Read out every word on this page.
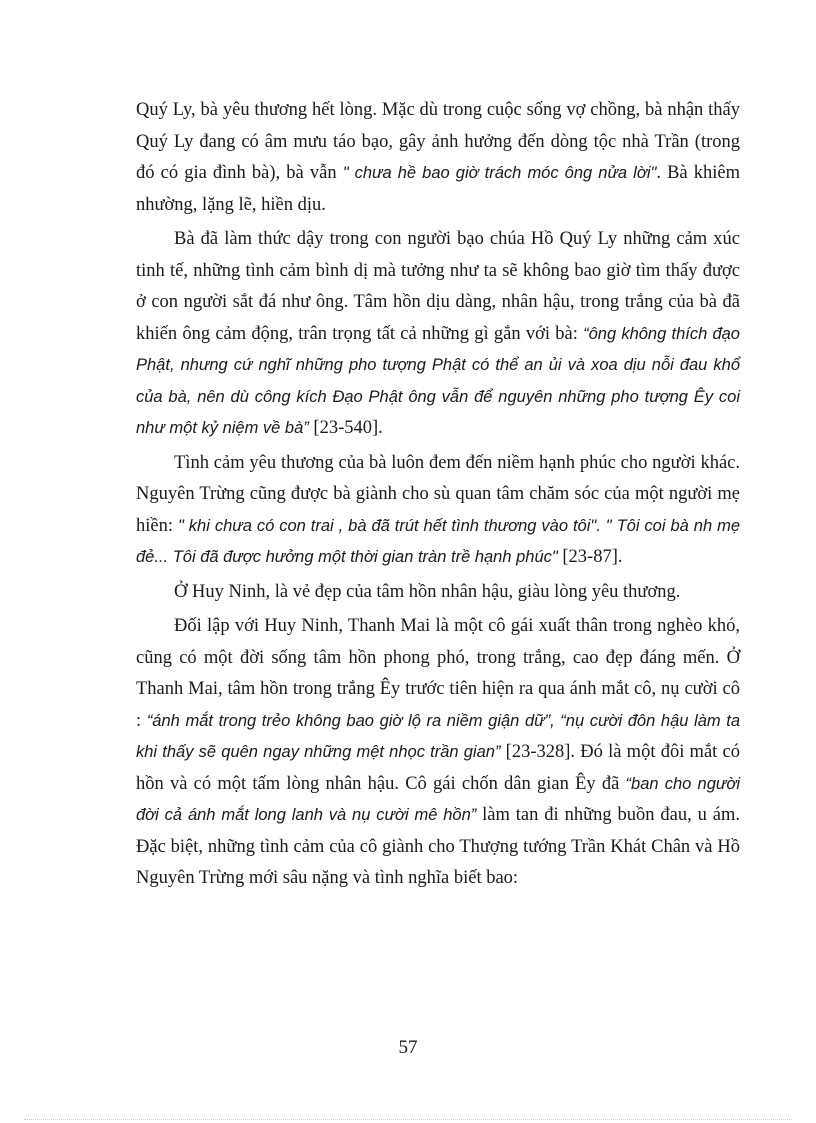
Quý Ly, bà yêu thương hết lòng. Mặc dù trong cuộc sống vợ chồng, bà nhận thấy Quý Ly đang có âm mưu táo bạo, gây ảnh hưởng đến dòng tộc nhà Trần (trong đó có gia đình bà), bà vẫn " chưa hề bao giờ trách móc ông nửa lời". Bà khiêm nhường, lặng lẽ, hiền dịu.

Bà đã làm thức dậy trong con người bạo chúa Hồ Quý Ly những cảm xúc tinh tế, những tình cảm bình dị mà tưởng như ta sẽ không bao giờ tìm thấy được ở con người sắt đá như ông. Tâm hồn dịu dàng, nhân hậu, trong trắng của bà đã khiến ông cảm động, trân trọng tất cả những gì gắn với bà: “ông không thích đạo Phật, nhưng cứ nghĩ những pho tượng Phật có thể an ủi và xoa dịu nỗi đau khổ của bà, nên dù công kích Đạo Phật ông vẫn để nguyên những pho tượng Êy coi như một kỷ niệm về bà” [23-540].

Tình cảm yêu thương của bà luôn đem đến niềm hạnh phúc cho người khác. Nguyên Trừng cũng được bà giành cho sù quan tâm chăm sóc của một người mẹ hiền: " khi chưa có con trai , bà đã trút hết tình thương vào tôi". " Tôi coi bà nh mẹ đẻ... Tôi đã được hưởng một thời gian tràn trề hạnh phúc" [23-87].

Ở Huy Ninh, là vẻ đẹp của tâm hồn nhân hậu, giàu lòng yêu thương.

Đối lập với Huy Ninh, Thanh Mai là một cô gái xuất thân trong nghèo khó, cũng có một đời sống tâm hồn phong phó, trong trắng, cao đẹp đáng mến. Ở Thanh Mai, tâm hồn trong trắng Êy trước tiên hiện ra qua ánh mắt cô, nụ cười cô : “ánh mắt trong trẻo không bao giờ lộ ra niềm giận dữ”, “nụ cười đôn hậu làm ta khi thấy sẽ quên ngay những mệt nhọc trần gian” [23-328]. Đó là một đôi mắt có hồn và có một tấm lòng nhân hậu. Cô gái chốn dân gian Êy đã “ban cho người đời cả ánh mắt long lanh và nụ cười mê hồn” làm tan đi những buồn đau, u ám. Đặc biệt, những tình cảm của cô giành cho Thượng tướng Trần Khát Chân và Hồ Nguyên Trừng mới sâu nặng và tình nghĩa biết bao:

57
